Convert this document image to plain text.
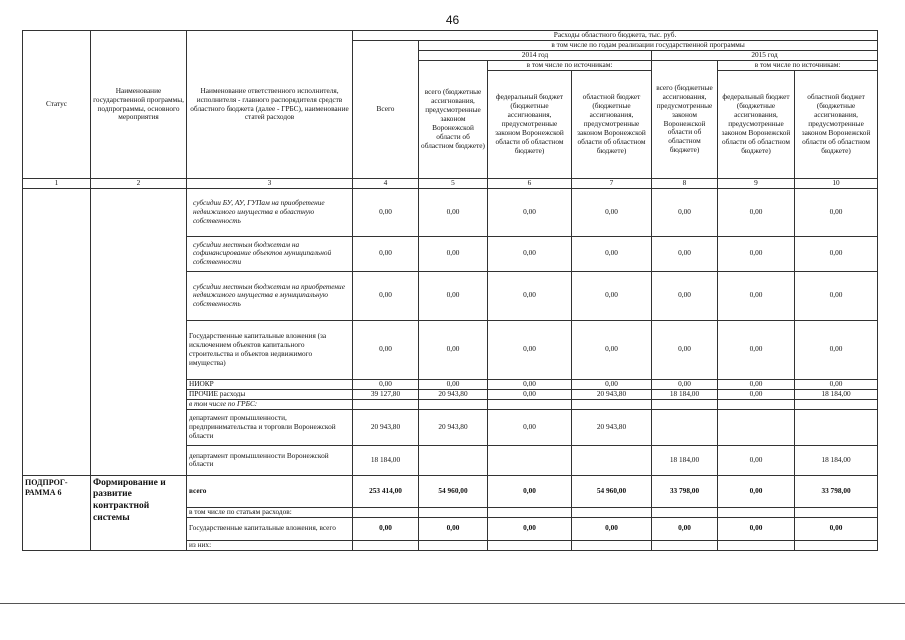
46
Статус	Наименование государственной программы, подпрограммы, основного мероприятия	Наименование ответственного исполнителя, исполнителя - главного распорядителя средств областного бюджета (далее - ГРБС), наименование статей расходов	Расходы областного бюджета, тыс. руб.						
			Всего	в том числе по годам реализации государственной программы					
				2014 год			2015 год		
				всего (бюджетные ассигнования, предусмотренные законом Воронежской области об областном бюджете)	в том числе по источникам:		всего (бюджетные ассигнования, предусмотренные законом Воронежской области об областном бюджете)	в том числе по источникам:	
					федеральный бюджет (бюджетные ассигнования, предусмотренные законом Воронежской области об областном бюджете)	областной бюджет (бюджетные ассигнования, предусмотренные законом Воронежской области об областном бюджете)		федеральный бюджет (бюджетные ассигнования, предусмотренные законом Воронежской области об областном бюджете)	областной бюджет (бюджетные ассигнования, предусмотренные законом Воронежской области об областном бюджете)
1	2	3	4	5	6	7	8	9	10
		субсидии БУ, АУ, ГУПам на приобретение недвижимого имущества в областную собственность	0,00	0,00	0,00	0,00	0,00	0,00	0,00
		субсидии местным бюджетам на софинансирование объектов муниципальной собственности	0,00	0,00	0,00	0,00	0,00	0,00	0,00
		субсидии местным бюджетам на приобретение недвижимого имущества в муниципальную собственность	0,00	0,00	0,00	0,00	0,00	0,00	0,00
		Государственные капитальные вложения (за исключением объектов капитального строительства и объектов недвижимого имущества)	0,00	0,00	0,00	0,00	0,00	0,00	0,00
		НИОКР	0,00	0,00	0,00	0,00	0,00	0,00	0,00
		ПРОЧИЕ расходы	39 127,80	20 943,80	0,00	20 943,80	18 184,00	0,00	18 184,00
		в том числе по ГРБС:							
		департамент промышленности, предпринимательства и торговли Воронежской области	20 943,80	20 943,80	0,00	20 943,80			
		департамент промышленности Воронежской области	18 184,00				18 184,00	0,00	18 184,00
ПОДПРОГ-РАММА 6	Формирование и развитие контрактной системы	всего	253 414,00	54 960,00	0,00	54 960,00	33 798,00	0,00	33 798,00
		в том числе по статьям расходов:							
		Государственные капитальные вложения, всего	0,00	0,00	0,00	0,00	0,00	0,00	0,00
		из них:							
